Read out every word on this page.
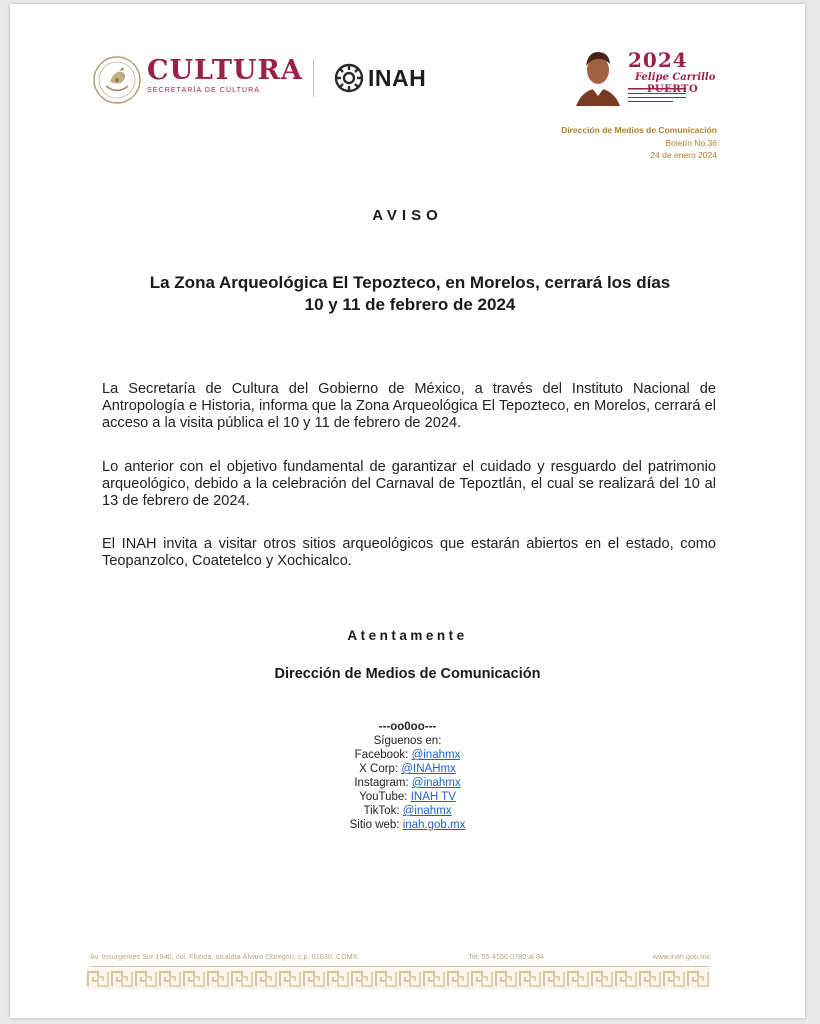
CULTURA
SECRETARÍA DE CULTURA	INAH
2024
Felipe Carrillo
PUERTO
Dirección de Medios de Comunicación
Boletín No.36
24 de enero 2024
AVISO
La Zona Arqueológica El Tepozteco, en Morelos, cerrará los días
10 y 11 de febrero de 2024
La Secretaría de Cultura del Gobierno de México, a través del Instituto Nacional de Antropología e Historia, informa que la Zona Arqueológica El Tepozteco, en Morelos, cerrará el acceso a la visita pública el 10 y 11 de febrero de 2024.
Lo anterior con el objetivo fundamental de garantizar el cuidado y resguardo del patrimonio arqueológico, debido a la celebración del Carnaval de Tepoztlán, el cual se realizará del 10 al 13 de febrero de 2024.
El INAH invita a visitar otros sitios arqueológicos que estarán abiertos en el estado, como Teopanzolco, Coatetelco y Xochicalco.
Atentamente
Dirección de Medios de Comunicación
---oo0oo---
Síguenos en:
Facebook: @inahmx
X Corp: @INAHmx
Instagram: @inahmx
YouTube: INAH TV
TikTok: @inahmx
Sitio web: inah.gob.mx
Av. Insurgentes Sur 1940, col. Florida, alcaldía Álvaro Obregón, c.p. 01030, CDMX.	Tel: 55 4166 0780 al 84	www.inah.gob.mx
